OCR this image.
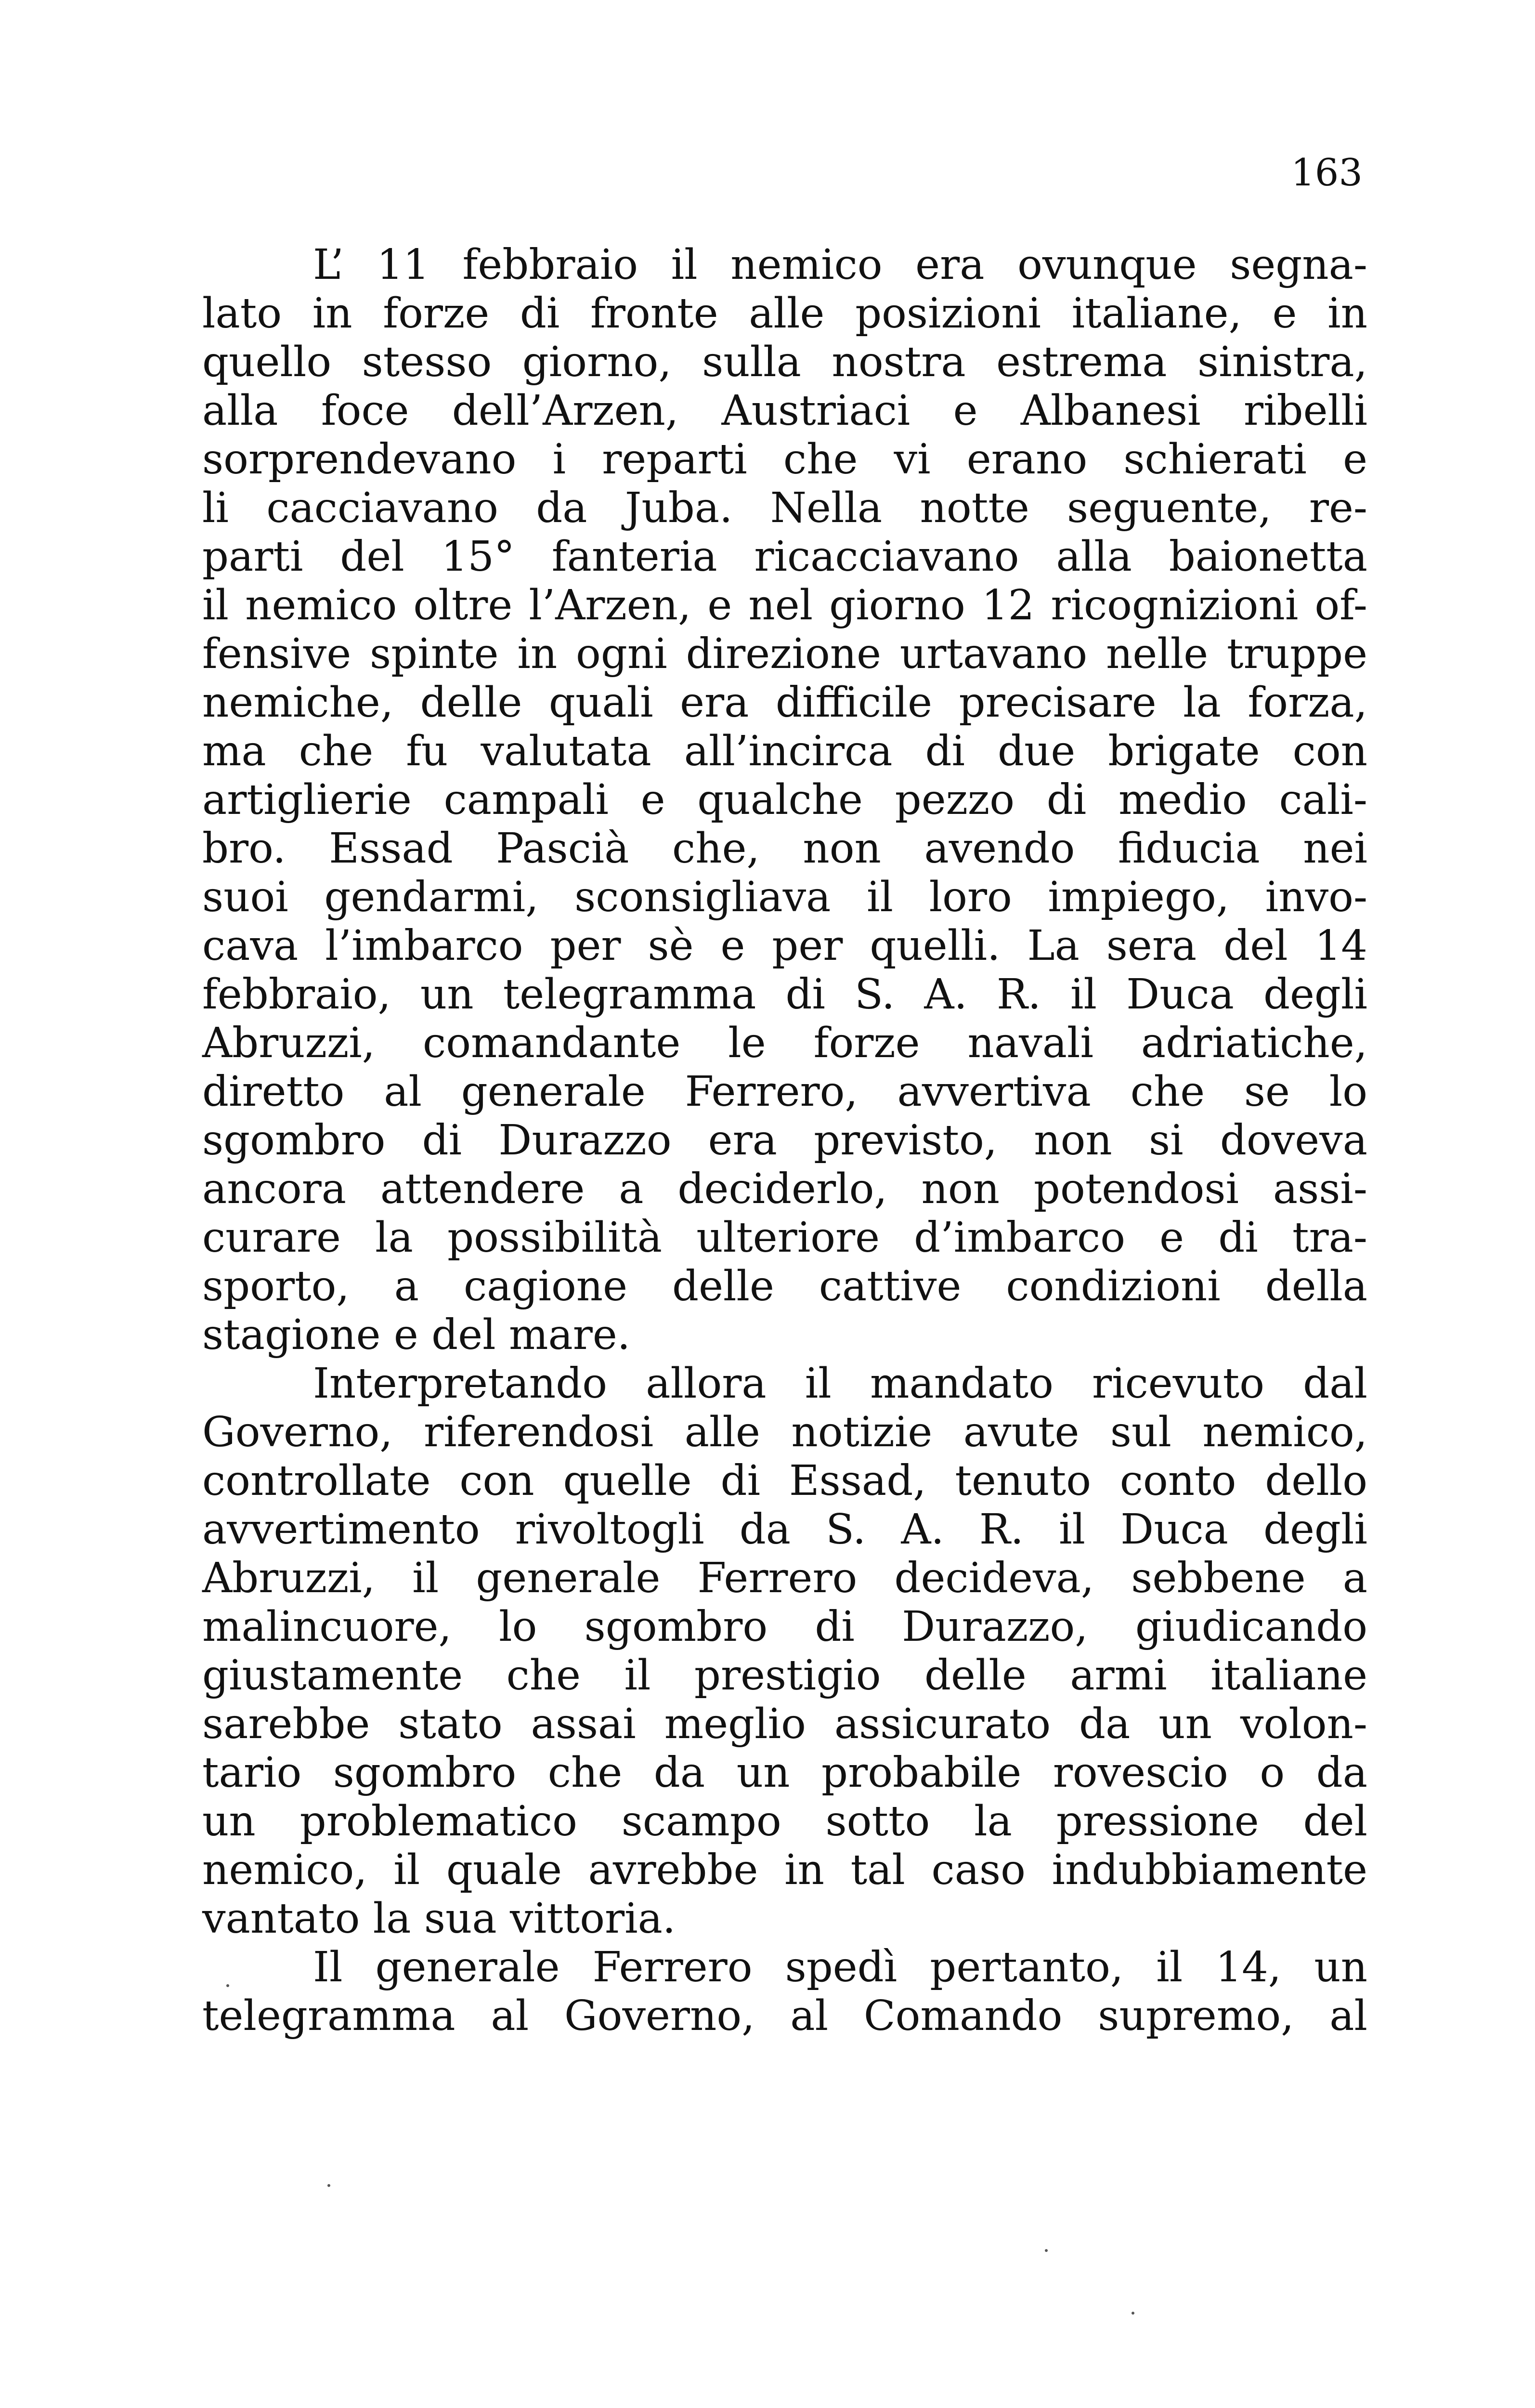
163
L’ 11 febbraio il nemico era ovunque segna-
lato in forze di fronte alle posizioni italiane, e in
quello stesso giorno, sulla nostra estrema sinistra,
alla foce dell’Arzen, Austriaci e Albanesi ribelli
sorprendevano i reparti che vi erano schierati e
li cacciavano da Juba. Nella notte seguente, re-
parti del 15° fanteria ricacciavano alla baionetta
il nemico oltre l’Arzen, e nel giorno 12 ricognizioni of-
fensive spinte in ogni direzione urtavano nelle truppe
nemiche, delle quali era difficile precisare la forza,
ma che fu valutata all’incirca di due brigate con
artiglierie campali e qualche pezzo di medio cali-
bro. Essad Pascià che, non avendo fiducia nei
suoi gendarmi, sconsigliava il loro impiego, invo-
cava l’imbarco per sè e per quelli. La sera del 14
febbraio, un telegramma di S. A. R. il Duca degli
Abruzzi, comandante le forze navali adriatiche,
diretto al generale Ferrero, avvertiva che se lo
sgombro di Durazzo era previsto, non si doveva
ancora attendere a deciderlo, non potendosi assi-
curare la possibilità ulteriore d’imbarco e di tra-
sporto, a cagione delle cattive condizioni della
stagione e del mare.
Interpretando allora il mandato ricevuto dal
Governo, riferendosi alle notizie avute sul nemico,
controllate con quelle di Essad, tenuto conto dello
avvertimento rivoltogli da S. A. R. il Duca degli
Abruzzi, il generale Ferrero decideva, sebbene a
malincuore, lo sgombro di Durazzo, giudicando
giustamente che il prestigio delle armi italiane
sarebbe stato assai meglio assicurato da un volon-
tario sgombro che da un probabile rovescio o da
un problematico scampo sotto la pressione del
nemico, il quale avrebbe in tal caso indubbiamente
vantato la sua vittoria.
Il generale Ferrero spedì pertanto, il 14, un
telegramma al Governo, al Comando supremo, al
